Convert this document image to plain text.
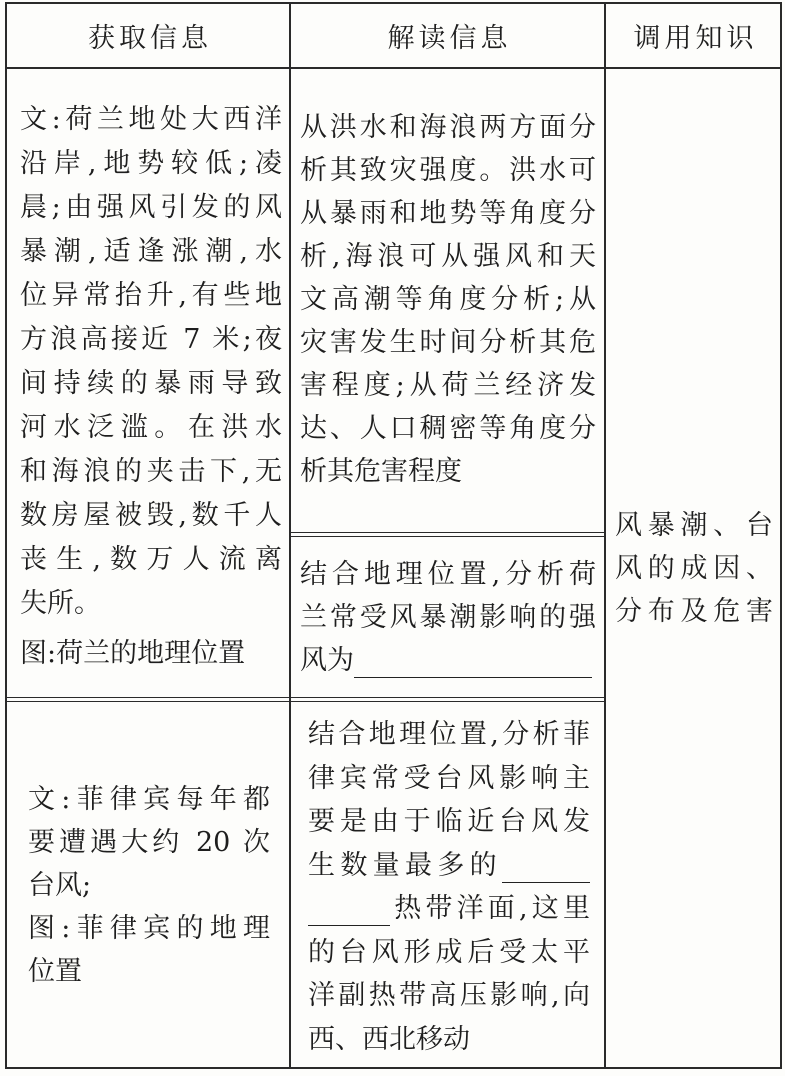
获取信息	解读信息	调用知识
文:荷兰地处大西洋
沿岸,地势较低;凌
晨;由强风引发的风
暴潮,适逢涨潮,水
位异常抬升,有些地
方浪高接近 7 米;夜
间持续的暴雨导致
河水泛滥。在洪水
和海浪的夹击下,无
数房屋被毁,数千人
丧生,数万人流离
失所。
图:荷兰的地理位置
从洪水和海浪两方面分
析其致灾强度。洪水可
从暴雨和地势等角度分
析,海浪可从强风和天
文高潮等角度分析;从
灾害发生时间分析其危
害程度;从荷兰经济发
达、人口稠密等角度分
析其危害程度
结合地理位置,分析荷
兰常受风暴潮影响的强
风为
风暴潮、台
风的成因、
分布及危害
文:菲律宾每年都
要遭遇大约 20 次
台风;
图:菲律宾的地理
位置
结合地理位置,分析菲
律宾常受台风影响主
要是由于临近台风发
生数量最多的
热带洋面,这里
的台风形成后受太平
洋副热带高压影响,向
西、西北移动
